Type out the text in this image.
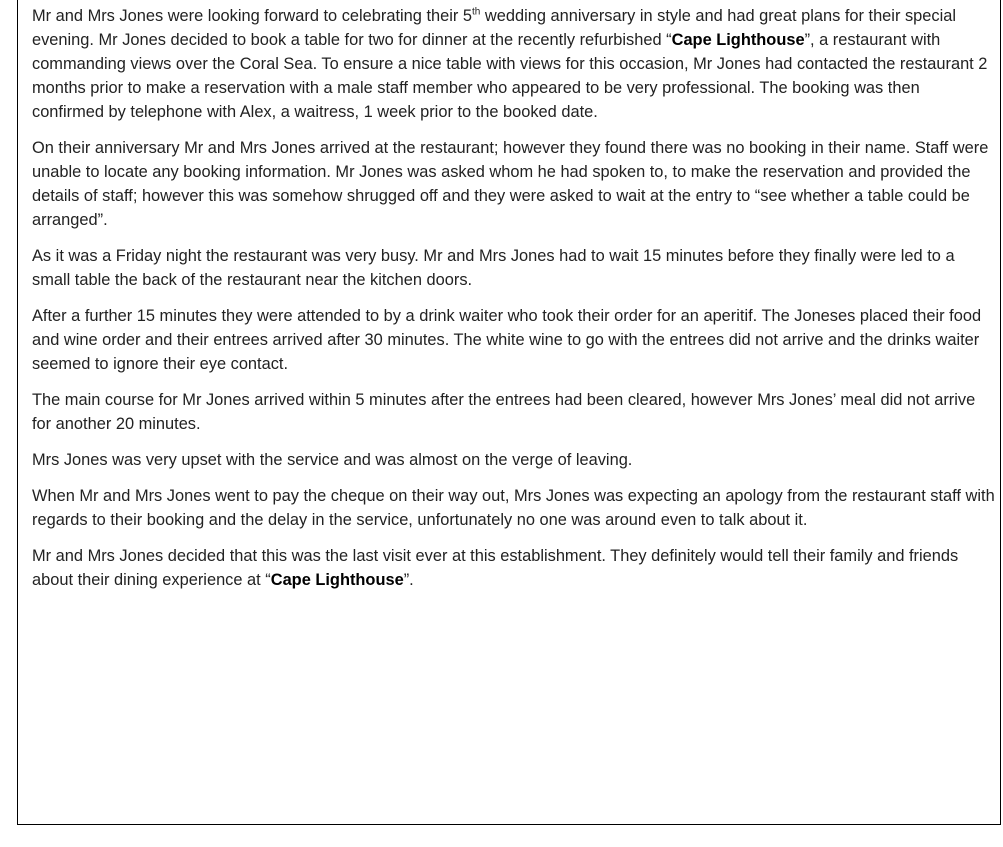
Mr and Mrs Jones were looking forward to celebrating their 5th wedding anniversary in style and had great plans for their special evening. Mr Jones decided to book a table for two for dinner at the recently refurbished “Cape Lighthouse”, a restaurant with commanding views over the Coral Sea. To ensure a nice table with views for this occasion, Mr Jones had contacted the restaurant 2 months prior to make a reservation with a male staff member who appeared to be very professional. The booking was then confirmed by telephone with Alex, a waitress, 1 week prior to the booked date.

On their anniversary Mr and Mrs Jones arrived at the restaurant; however they found there was no booking in their name. Staff were unable to locate any booking information. Mr Jones was asked whom he had spoken to, to make the reservation and provided the details of staff; however this was somehow shrugged off and they were asked to wait at the entry to “see whether a table could be arranged”.

As it was a Friday night the restaurant was very busy. Mr and Mrs Jones had to wait 15 minutes before they finally were led to a small table the back of the restaurant near the kitchen doors.

After a further 15 minutes they were attended to by a drink waiter who took their order for an aperitif. The Joneses placed their food and wine order and their entrees arrived after 30 minutes. The white wine to go with the entrees did not arrive and the drinks waiter seemed to ignore their eye contact.

The main course for Mr Jones arrived within 5 minutes after the entrees had been cleared, however Mrs Jones’ meal did not arrive for another 20 minutes.

Mrs Jones was very upset with the service and was almost on the verge of leaving.

When Mr and Mrs Jones went to pay the cheque on their way out, Mrs Jones was expecting an apology from the restaurant staff with regards to their booking and the delay in the service, unfortunately no one was around even to talk about it.

Mr and Mrs Jones decided that this was the last visit ever at this establishment. They definitely would tell their family and friends about their dining experience at “Cape Lighthouse”.
